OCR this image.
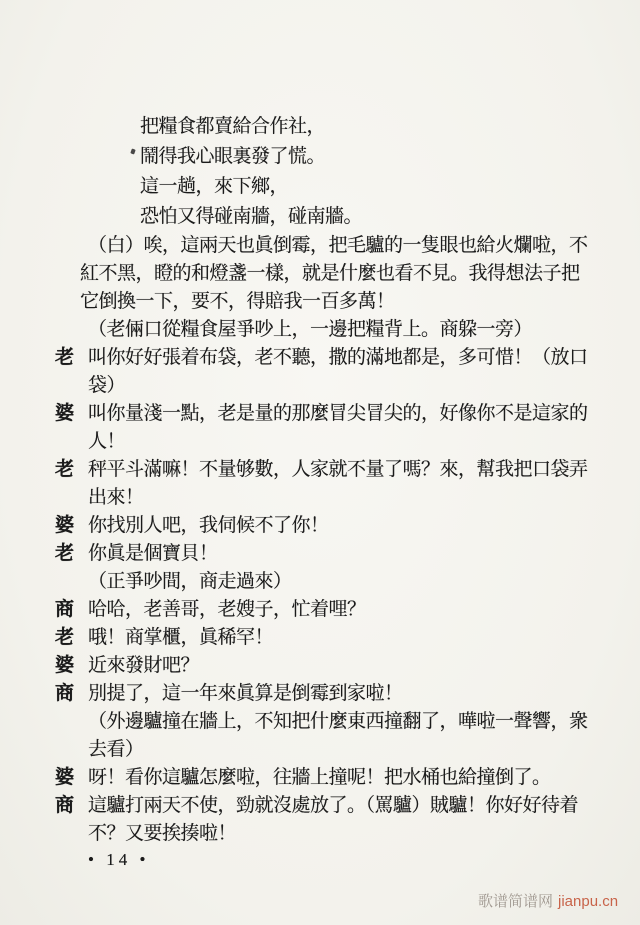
把糧食都賣給合作社，
鬧得我心眼裏發了慌。
這一趟，來下鄉，
恐怕又得碰南牆，碰南牆。
（白）唉，這兩天也眞倒霉，把毛驢的一隻眼也給火爛啦，不
紅不黑，瞪的和燈盞一樣，就是什麼也看不見。我得想法子把
它倒換一下，要不，得賠我一百多萬！
（老倆口從糧食屋爭吵上，一邊把糧背上。商躱一旁）
老 叫你好好張着布袋，老不聽，撒的滿地都是，多可惜！（放口
袋）
婆 叫你量淺一點，老是量的那麼冒尖冒尖的，好像你不是這家的
人！
老 秤平斗滿嘛！不量够數，人家就不量了嗎？來，幫我把口袋弄
出來！
婆 你找別人吧，我伺候不了你！
老 你眞是個寶貝！
（正爭吵間，商走過來）
商 哈哈，老善哥，老嫂子，忙着哩？
老 哦！商掌櫃，眞稀罕！
婆 近來發財吧？
商 別提了，這一年來眞算是倒霉到家啦！
（外邊驢撞在牆上，不知把什麼東西撞翻了，嘩啦一聲響，衆
去看）
婆 呀！看你這驢怎麼啦，往牆上撞呢！把水桶也給撞倒了。
商 這驢打兩天不使，勁就沒處放了。（罵驢）賊驢！你好好待着
不？又要挨揍啦！
• 14 •
歌谱简谱网 jianpu.cn
